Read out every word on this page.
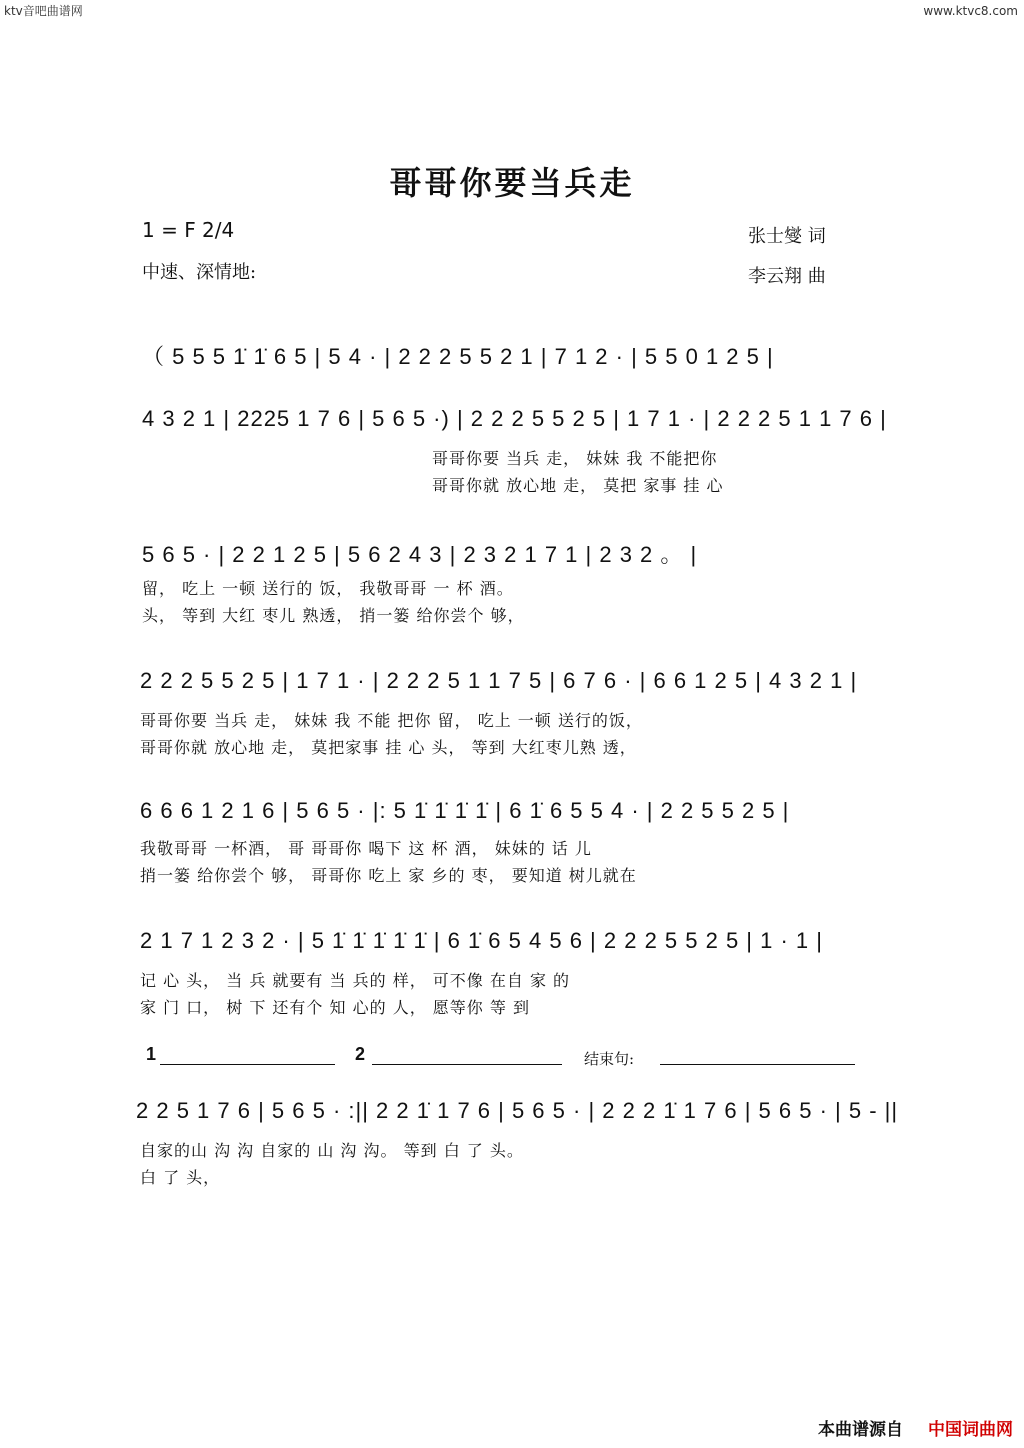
ktv音吧曲谱网	www.ktvc8.com
哥哥你要当兵走
1 = F 2/4
中速、深情地:
张士燮 词
李云翔 曲
（ 5 5 5 1̇ 1̇ 6 5 | 5 4 · | 2 2 2 5 5 2 1 | 7 1 2 · | 5 5 0 1 2 5 |
4 3 2 1 | 2225 1 7 6 | 5 6 5 ·) | 2 2 2 5 5 2 5 | 1 7 1 · | 2 2 2 5 1 1 7 6 |
哥哥你要 当兵 走， 妹妹 我 不能把你
哥哥你就 放心地 走， 莫把 家事 挂 心
5 6 5 · | 2 2 1 2 5 | 5 6 2 4 3 | 2 3 2 1 7 1 | 2 3 2 。 |
留， 吃上 一顿 送行的 饭， 我敬哥哥 一 杯 酒。
头， 等到 大红 枣儿 熟透， 捎一篓 给你尝个 够，
2 2 2 5 5 2 5 | 1 7 1 · | 2 2 2 5 1 1 7 5 | 6 7 6 · | 6 6 1 2 5 | 4 3 2 1 |
哥哥你要 当兵 走， 妹妹 我 不能 把你 留， 吃上 一顿 送行的饭，
哥哥你就 放心地 走， 莫把家事 挂 心 头， 等到 大红枣儿熟 透，
6 6 6 1 2 1 6 | 5 6 5 · |: 5 1̇ 1̇ 1̇ 1̇ | 6 1̇ 6 5 5 4 · | 2 2 5 5 2 5 |
我敬哥哥 一杯酒， 哥 哥哥你 喝下 这 杯 酒， 妹妹的 话 儿
捎一篓 给你尝个 够， 哥哥你 吃上 家 乡的 枣， 要知道 树儿就在
2 1 7 1 2 3 2 · | 5 1̇ 1̇ 1̇ 1̇ 1̇ | 6 1̇ 6 5 4 5 6 | 2 2 2 5 5 2 5 | 1 · 1 |
记 心 头， 当 兵 就要有 当 兵的 样， 可不像 在自 家 的
家 门 口， 树 下 还有个 知 心的 人， 愿等你 等 到
1	2	结束句:
2 2 5 1 7 6 | 5 6 5 · :|| 2 2 1̇ 1 7 6 | 5 6 5 · | 2 2 2 1̇ 1 7 6 | 5 6 5 · | 5 - ||
自家的山 沟 沟 自家的 山 沟 沟。 等到 白 了 头。
白 了 头，
本曲谱源自 中国词曲网
